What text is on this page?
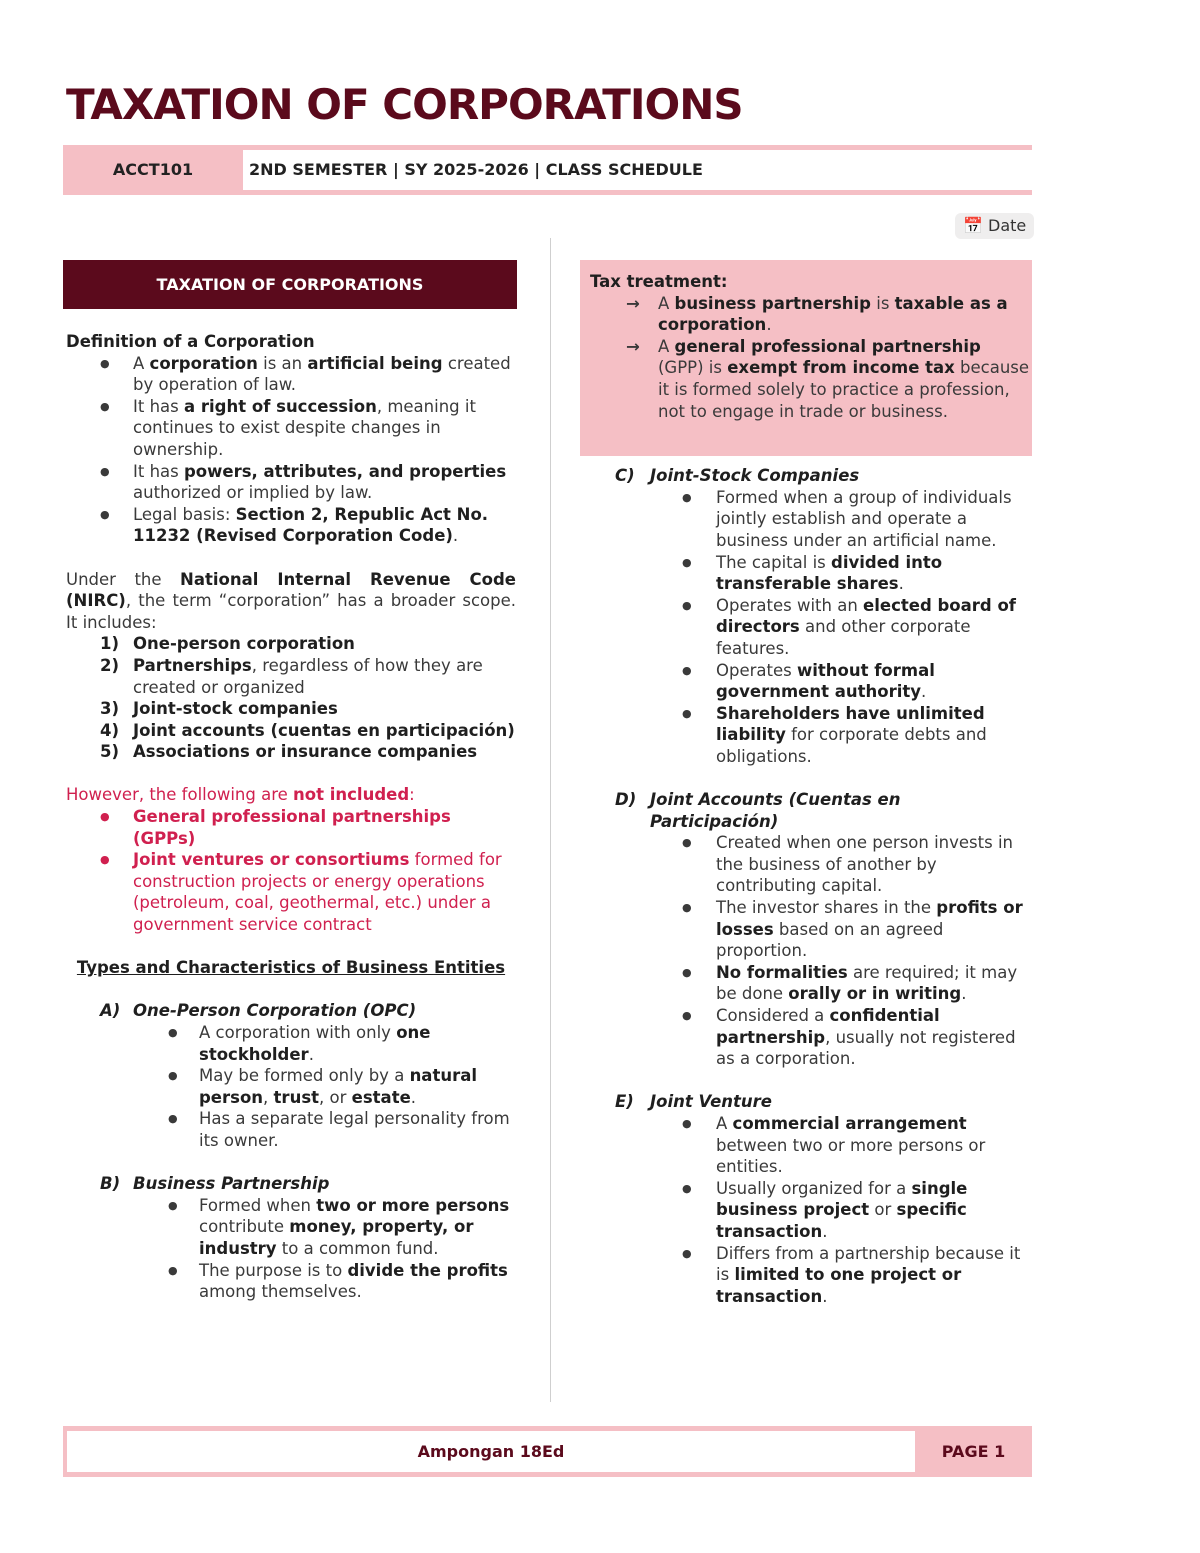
TAXATION OF CORPORATIONS
ACCT101	2ND SEMESTER | SY 2025-2026 | CLASS SCHEDULE
📅 Date
TAXATION OF CORPORATIONS

Definition of a Corporation

● A corporation is an artificial being created by operation of law.
● It has a right of succession, meaning it continues to exist despite changes in ownership.
● It has powers, attributes, and properties authorized or implied by law.
● Legal basis: Section 2, Republic Act No. 11232 (Revised Corporation Code).

Under the National Internal Revenue Code (NIRC), the term “corporation” has a broader scope. It includes:

1) One-person corporation
2) Partnerships, regardless of how they are created or organized
3) Joint-stock companies
4) Joint accounts (cuentas en participación)
5) Associations or insurance companies

However, the following are not included:

● General professional partnerships (GPPs)
● Joint ventures or consortiums formed for construction projects or energy operations (petroleum, coal, geothermal, etc.) under a government service contract

Types and Characteristics of Business Entities

A) One-Person Corporation (OPC)

● A corporation with only one stockholder.
● May be formed only by a natural person, trust, or estate.
● Has a separate legal personality from its owner.

B) Business Partnership

● Formed when two or more persons contribute money, property, or industry to a common fund.
● The purpose is to divide the profits among themselves.

Tax treatment:

→ A business partnership is taxable as a corporation.
→ A general professional partnership (GPP) is exempt from income tax because it is formed solely to practice a profession, not to engage in trade or business.

C) Joint-Stock Companies

● Formed when a group of individuals jointly establish and operate a business under an artificial name.
● The capital is divided into transferable shares.
● Operates with an elected board of directors and other corporate features.
● Operates without formal government authority.
● Shareholders have unlimited liability for corporate debts and obligations.

D) Joint Accounts (Cuentas en Participación)

● Created when one person invests in the business of another by contributing capital.
● The investor shares in the profits or losses based on an agreed proportion.
● No formalities are required; it may be done orally or in writing.
● Considered a confidential partnership, usually not registered as a corporation.

E) Joint Venture

● A commercial arrangement between two or more persons or entities.
● Usually organized for a single business project or specific transaction.
● Differs from a partnership because it is limited to one project or transaction.
Ampongan 18Ed	PAGE 1
